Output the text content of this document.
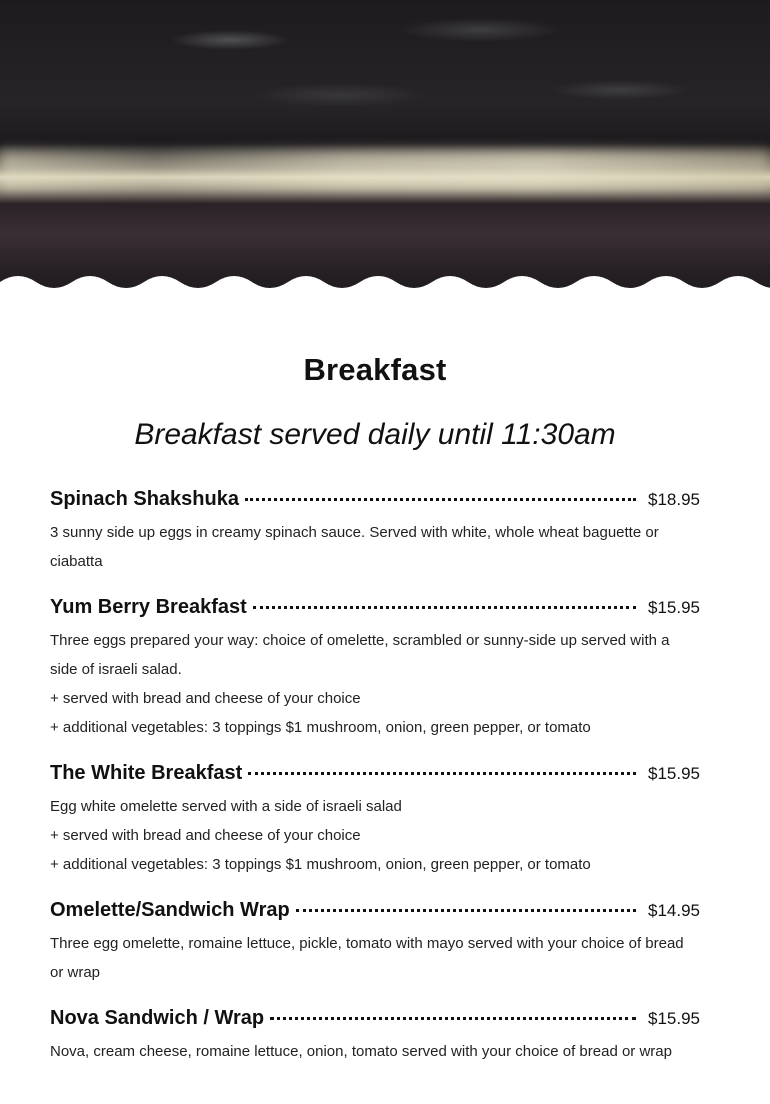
Breakfast
Breakfast served daily until 11:30am
Spinach Shakshuka	$18.95
3 sunny side up eggs in creamy spinach sauce. Served with white, whole wheat baguette or ciabatta
Yum Berry Breakfast	$15.95
Three eggs prepared your way: choice of omelette, scrambled or sunny-side up served with a side of israeli salad.
+ served with bread and cheese of your choice
+ additional vegetables: 3 toppings $1 mushroom, onion, green pepper, or tomato
The White Breakfast	$15.95
Egg white omelette served with a side of israeli salad
+ served with bread and cheese of your choice
+ additional vegetables: 3 toppings $1 mushroom, onion, green pepper, or tomato
Omelette/Sandwich Wrap	$14.95
Three egg omelette, romaine lettuce, pickle, tomato with mayo served with your choice of bread or wrap
Nova Sandwich / Wrap	$15.95
Nova, cream cheese, romaine lettuce, onion, tomato served with your choice of bread or wrap
